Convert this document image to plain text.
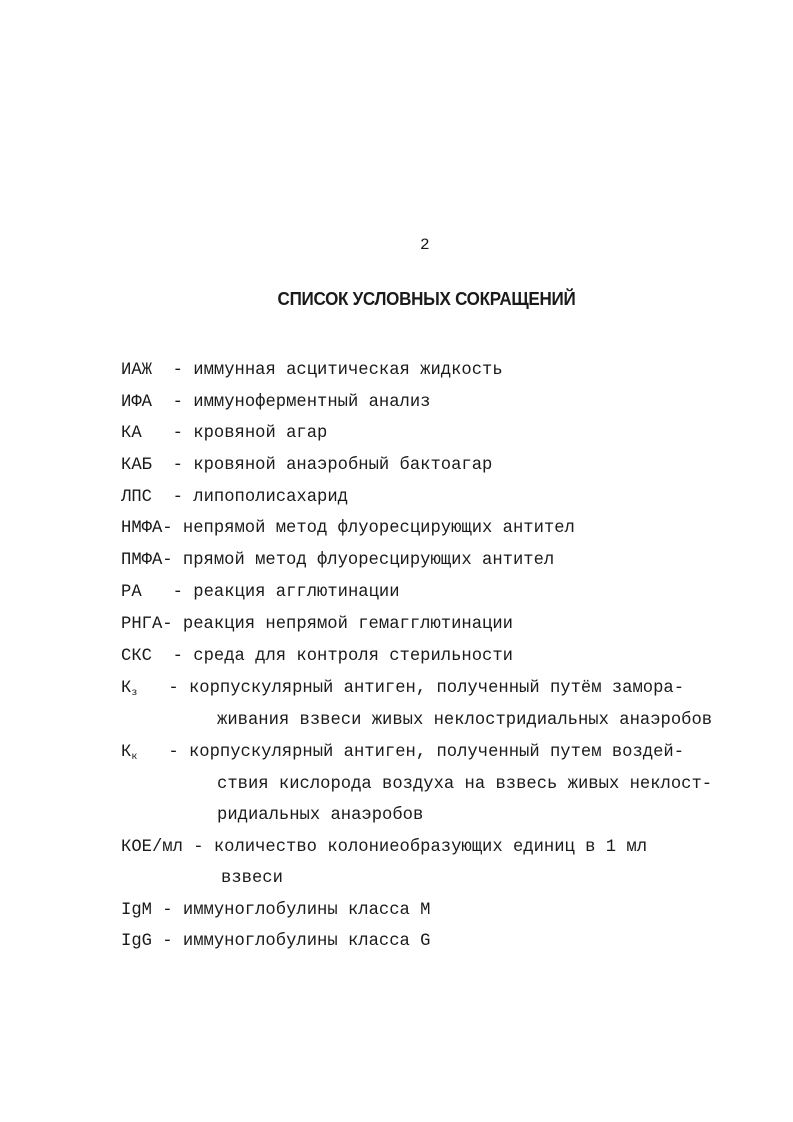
2
СПИСОК УСЛОВНЫХ СОКРАЩЕНИЙ
ИАЖ - иммунная асцитическая жидкость
ИФА - иммуноферментный анализ
КА - кровяной агар
КАБ - кровяной анаэробный бактоагар
ЛПС - липополисахарид
НМФА- непрямой метод флуоресцирующих антител
ПМФА- прямой метод флуоресцирующих антител
РА - реакция агглютинации
РНГА- реакция непрямой гемагглютинации
СКС - среда для контроля стерильности
$К_з$ - корпускулярный антиген, полученный путём замора-
живания взвеси живых неклостридиальных анаэробов
$К_к$ - корпускулярный антиген, полученный путем воздей-
ствия кислорода воздуха на взвесь живых неклост-
ридиальных анаэробов
КОЕ/мл - количество колониеобразующих единиц в 1 мл
взвеси
IgM - иммуноглобулины класса М
IgG - иммуноглобулины класса G
